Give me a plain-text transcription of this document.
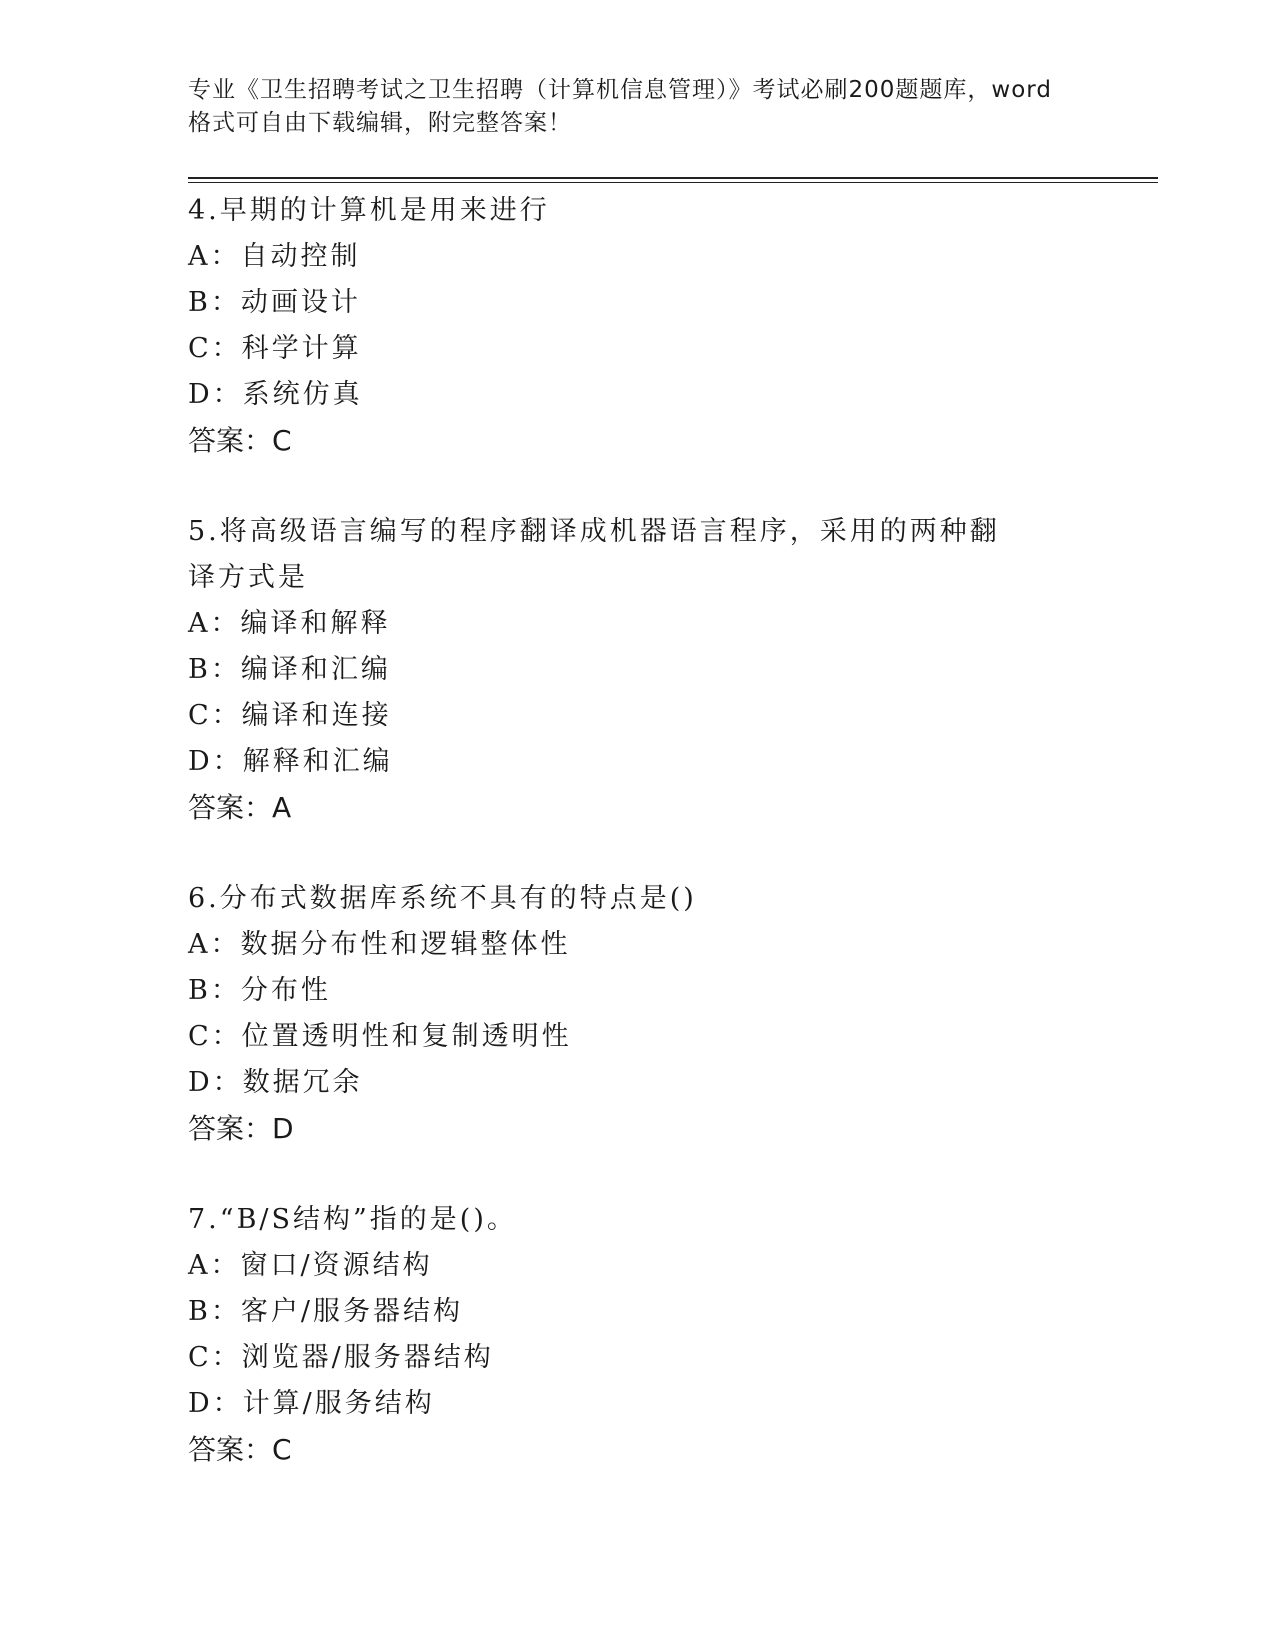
专业《卫生招聘考试之卫生招聘（计算机信息管理）》考试必刷200题题库，word
格式可自由下载编辑，附完整答案！
4.早期的计算机是用来进行
A：自动控制
B：动画设计
C：科学计算
D：系统仿真
答案：C
5.将高级语言编写的程序翻译成机器语言程序，采用的两种翻译方式是
A：编译和解释
B：编译和汇编
C：编译和连接
D：解释和汇编
答案：A
6.分布式数据库系统不具有的特点是()
A：数据分布性和逻辑整体性
B：分布性
C：位置透明性和复制透明性
D：数据冗余
答案：D
7.“B/S结构”指的是()。
A：窗口/资源结构
B：客户/服务器结构
C：浏览器/服务器结构
D：计算/服务结构
答案：C
